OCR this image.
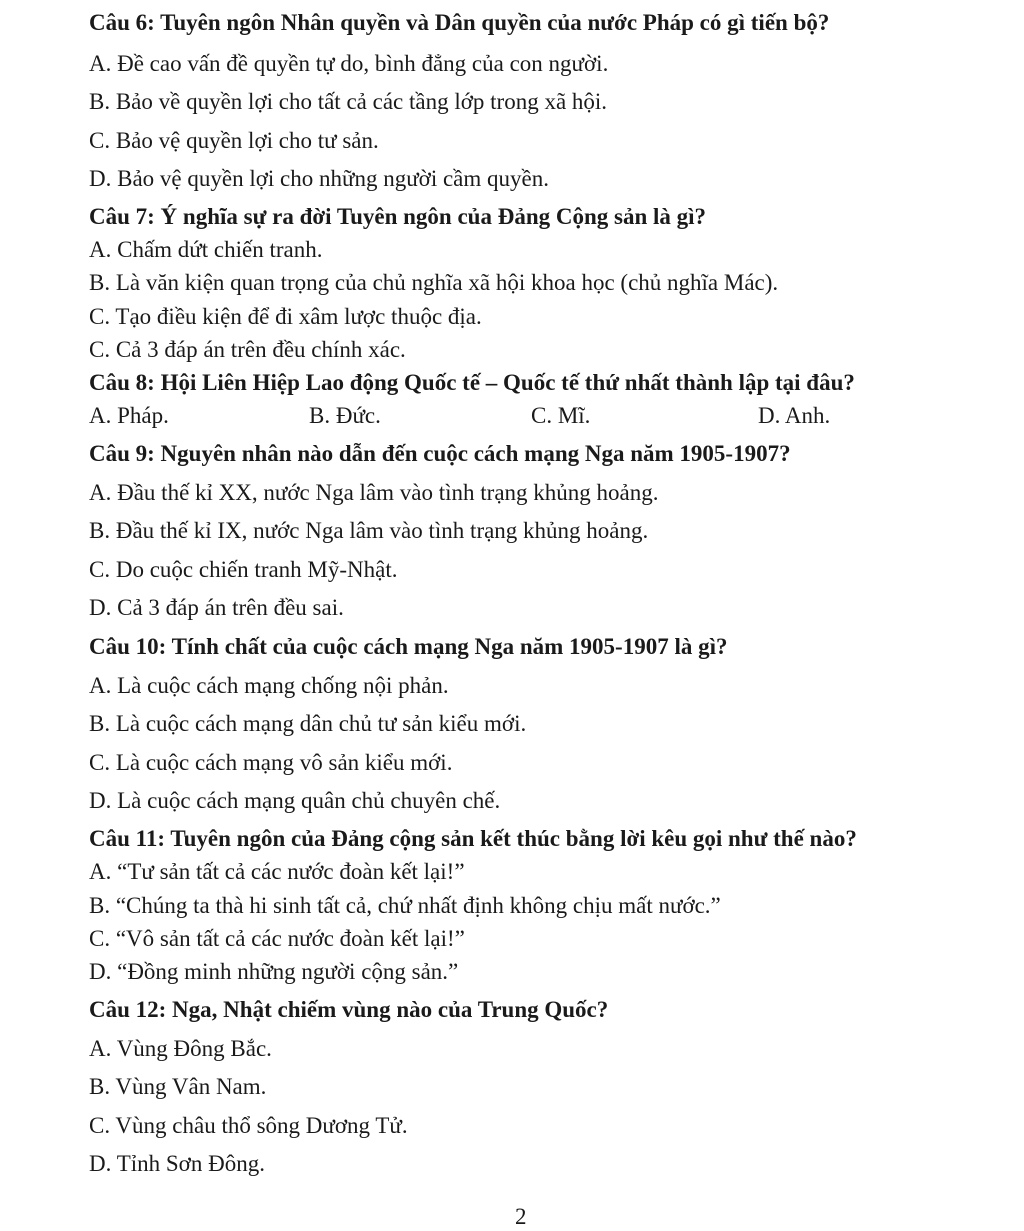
Câu 6: Tuyên ngôn Nhân quyền và Dân quyền của nước Pháp có gì tiến bộ?
A. Đề cao vấn đề quyền tự do, bình đẳng của con người.
B. Bảo về quyền lợi cho tất cả các tầng lớp trong xã hội.
C. Bảo vệ quyền lợi cho tư sản.
D. Bảo vệ quyền lợi cho những người cầm quyền.
Câu 7: Ý nghĩa sự ra đời Tuyên ngôn của Đảng Cộng sản là gì?
A. Chấm dứt chiến tranh.
B. Là văn kiện quan trọng của chủ nghĩa xã hội khoa học (chủ nghĩa Mác).
C. Tạo điều kiện để đi xâm lược thuộc địa.
C. Cả 3 đáp án trên đều chính xác.
Câu 8: Hội Liên Hiệp Lao động Quốc tế – Quốc tế thứ nhất thành lập tại đâu?
A. Pháp.	B. Đức.	C. Mĩ.	D. Anh.
Câu 9: Nguyên nhân nào dẫn đến cuộc cách mạng Nga năm 1905-1907?
A. Đầu thế kỉ XX, nước Nga lâm vào tình trạng khủng hoảng.
B. Đầu thế kỉ IX, nước Nga lâm vào tình trạng khủng hoảng.
C. Do cuộc chiến tranh Mỹ-Nhật.
D. Cả 3 đáp án trên đều sai.
Câu 10: Tính chất của cuộc cách mạng Nga năm 1905-1907 là gì?
A. Là cuộc cách mạng chống nội phản.
B. Là cuộc cách mạng dân chủ tư sản kiểu mới.
C. Là cuộc cách mạng vô sản kiểu mới.
D. Là cuộc cách mạng quân chủ chuyên chế.
Câu 11: Tuyên ngôn của Đảng cộng sản kết thúc bằng lời kêu gọi như thế nào?
A. “Tư sản tất cả các nước đoàn kết lại!”
B. “Chúng ta thà hi sinh tất cả, chứ nhất định không chịu mất nước.”
C. “Vô sản tất cả các nước đoàn kết lại!”
D. “Đồng minh những người cộng sản.”
Câu 12: Nga, Nhật chiếm vùng nào của Trung Quốc?
A. Vùng Đông Bắc.
B. Vùng Vân Nam.
C. Vùng châu thổ sông Dương Tử.
D. Tỉnh Sơn Đông.
2
